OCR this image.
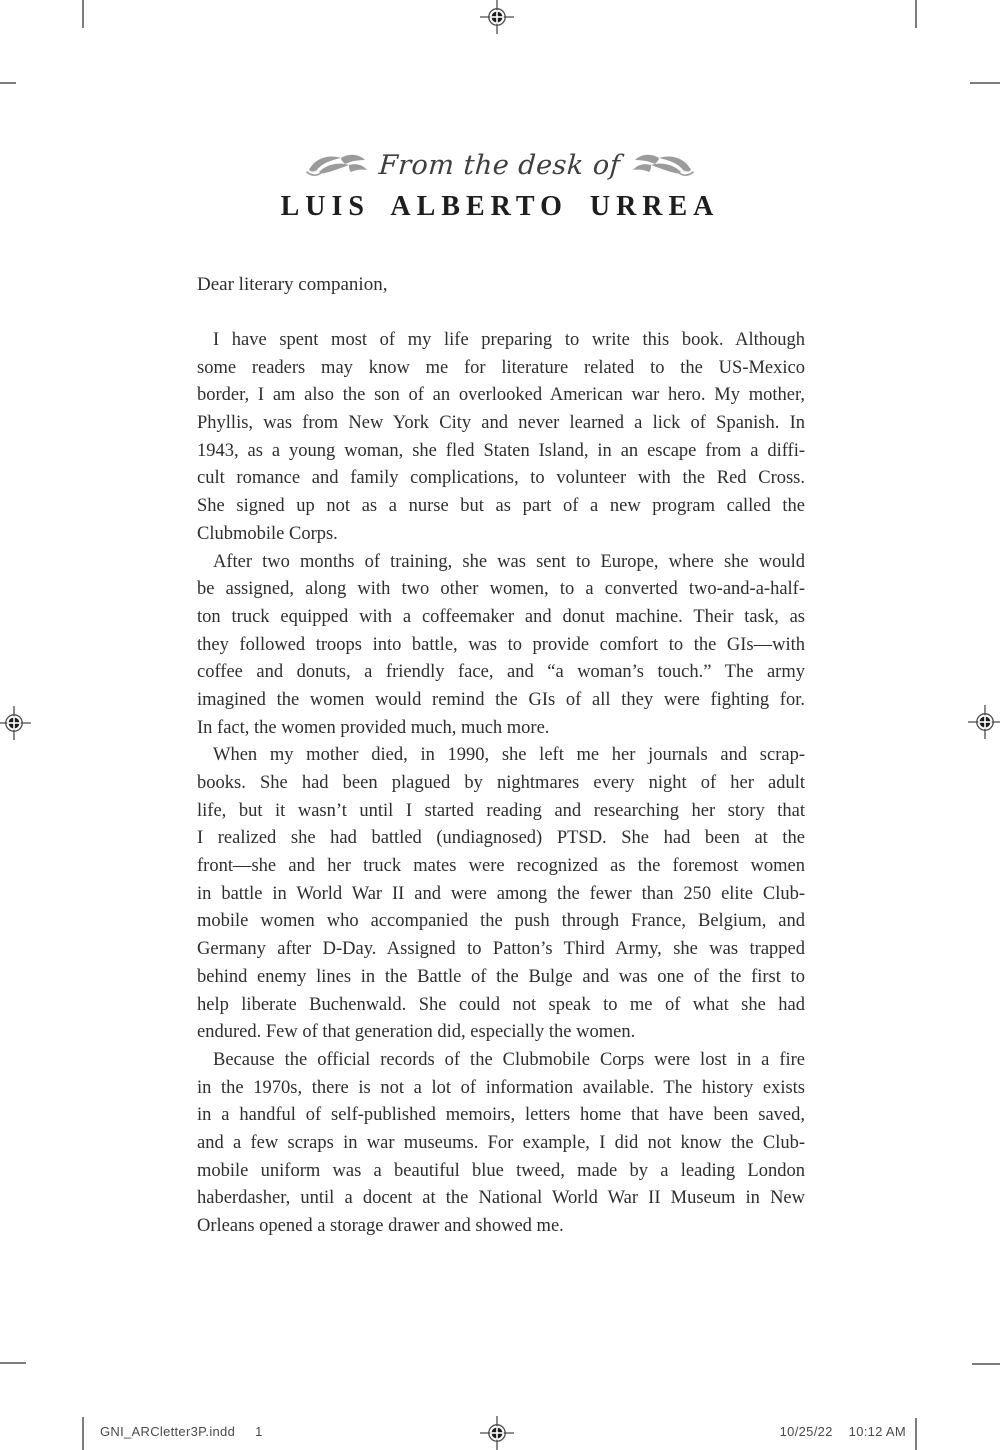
From the desk of
LUIS ALBERTO URREA
Dear literary companion,
I have spent most of my life preparing to write this book. Although
some readers may know me for literature related to the US-Mexico
border, I am also the son of an overlooked American war hero. My mother,
Phyllis, was from New York City and never learned a lick of Spanish. In
1943, as a young woman, she fled Staten Island, in an escape from a diffi-
cult romance and family complications, to volunteer with the Red Cross.
She signed up not as a nurse but as part of a new program called the
Clubmobile Corps.
After two months of training, she was sent to Europe, where she would
be assigned, along with two other women, to a converted two-and-a-half-
ton truck equipped with a coffeemaker and donut machine. Their task, as
they followed troops into battle, was to provide comfort to the GIs—with
coffee and donuts, a friendly face, and “a woman’s touch.” The army
imagined the women would remind the GIs of all they were fighting for.
In fact, the women provided much, much more.
When my mother died, in 1990, she left me her journals and scrap-
books. She had been plagued by nightmares every night of her adult
life, but it wasn’t until I started reading and researching her story that
I realized she had battled (undiagnosed) PTSD. She had been at the
front—she and her truck mates were recognized as the foremost women
in battle in World War II and were among the fewer than 250 elite Club-
mobile women who accompanied the push through France, Belgium, and
Germany after D-Day. Assigned to Patton’s Third Army, she was trapped
behind enemy lines in the Battle of the Bulge and was one of the first to
help liberate Buchenwald. She could not speak to me of what she had
endured. Few of that generation did, especially the women.
Because the official records of the Clubmobile Corps were lost in a fire
in the 1970s, there is not a lot of information available. The history exists
in a handful of self-published memoirs, letters home that have been saved,
and a few scraps in war museums. For example, I did not know the Club-
mobile uniform was a beautiful blue tweed, made by a leading London
haberdasher, until a docent at the National World War II Museum in New
Orleans opened a storage drawer and showed me.
GNI_ARCletter3P.indd 1	10/25/22 10:12 AM
